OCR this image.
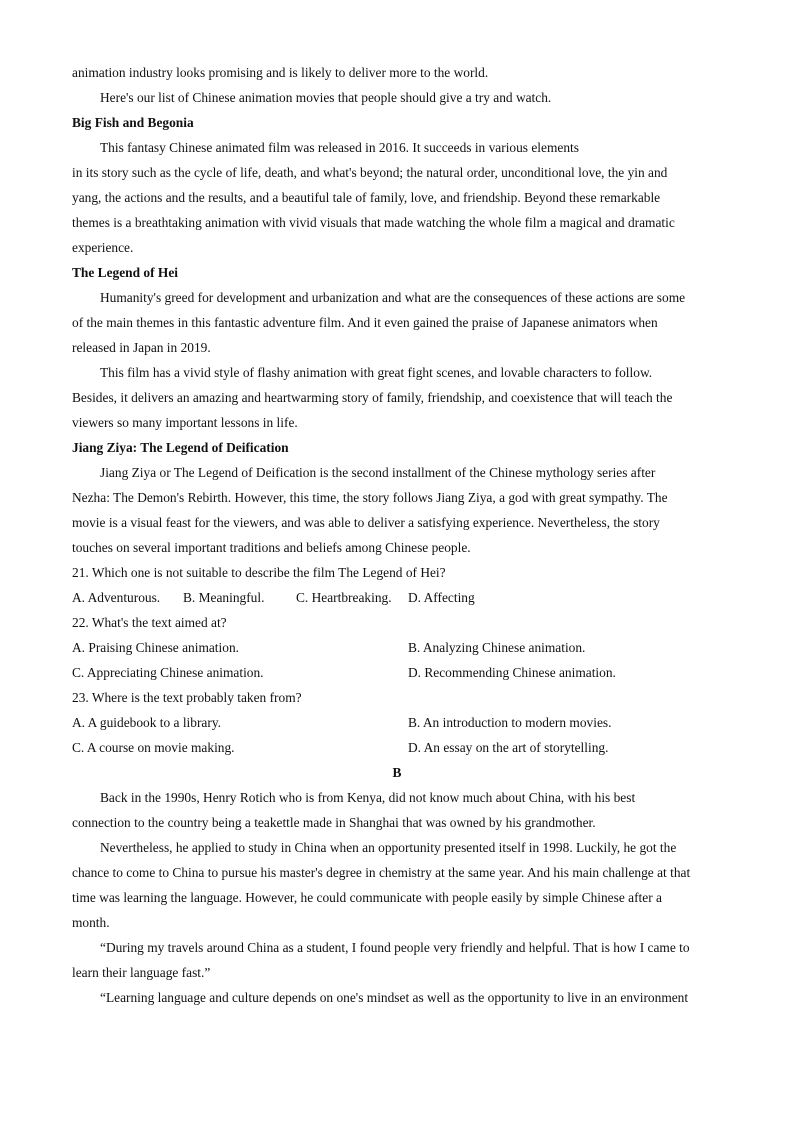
animation industry looks promising and is likely to deliver more to the world.
Here's our list of Chinese animation movies that people should give a try and watch.
Big Fish and Begonia
This fantasy Chinese animated film was released in 2016. It succeeds in various elements
in its story such as the cycle of life, death, and what's beyond; the natural order, unconditional love, the yin and
yang, the actions and the results, and a beautiful tale of family, love, and friendship. Beyond these remarkable
themes is a breathtaking animation with vivid visuals that made watching the whole film a magical and dramatic
experience.
The Legend of Hei
Humanity's greed for development and urbanization and what are the consequences of these actions are some
of the main themes in this fantastic adventure film. And it even gained the praise of Japanese animators when
released in Japan in 2019.
This film has a vivid style of flashy animation with great fight scenes, and lovable characters to follow.
Besides, it delivers an amazing and heartwarming story of family, friendship, and coexistence that will teach the
viewers so many important lessons in life.
Jiang Ziya: The Legend of Deification
Jiang Ziya or The Legend of Deification is the second installment of the Chinese mythology series after
Nezha: The Demon's Rebirth. However, this time, the story follows Jiang Ziya, a god with great sympathy. The
movie is a visual feast for the viewers, and was able to deliver a satisfying experience. Nevertheless, the story
touches on several important traditions and beliefs among Chinese people.
21. Which one is not suitable to describe the film The Legend of Hei?
A. Adventurous. B. Meaningful. C. Heartbreaking. D. Affecting
22. What's the text aimed at?
A. Praising Chinese animation.	B. Analyzing Chinese animation.
C. Appreciating Chinese animation.	D. Recommending Chinese animation.
23. Where is the text probably taken from?
A. A guidebook to a library.	B. An introduction to modern movies.
C. A course on movie making.	D. An essay on the art of storytelling.
B
Back in the 1990s, Henry Rotich who is from Kenya, did not know much about China, with his best
connection to the country being a teakettle made in Shanghai that was owned by his grandmother.
Nevertheless, he applied to study in China when an opportunity presented itself in 1998. Luckily, he got the
chance to come to China to pursue his master's degree in chemistry at the same year. And his main challenge at that
time was learning the language. However, he could communicate with people easily by simple Chinese after a
month.
“During my travels around China as a student, I found people very friendly and helpful. That is how I came to
learn their language fast.”
“Learning language and culture depends on one's mindset as well as the opportunity to live in an environment
